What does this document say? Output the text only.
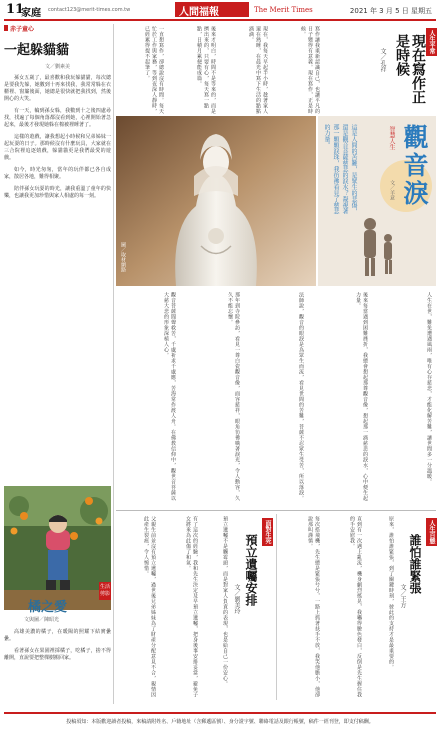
11
家庭 contact123@merit-times.com.tw	人間福報	The Merit Times	2021 年 3 月 5 日 星期五
赤子童心
一起躲貓貓
文／劉素美

孫女五歲了，最喜歡和我玩躲貓貓，每次總是要我先躲，她數到十再來找我，我常常躲在衣櫃裡、窗簾後面，她總是很快就把我找到，然後開心的大笑。

有一天，輪到孫女躲，我數到十之後四處尋找，找遍了每個角落都沒看到她，心裡開始著急起來，最後才發現她躲在棉被裡睡著了。

這樣的遊戲，讓我想起小時候和兄弟姊妹一起玩耍的日子。那時候沒有什麼玩具，大家就在三合院裡追逐嬉戲，躲貓貓更是我們最愛的遊戲。

如今，時光匆匆，當年的玩伴都已各自成家，散居各地，難得相聚。

陪伴孫女玩耍的時光，讓我重溫了童年的快樂，也讓我更加珍惜與家人相處的每一刻。

生活 剪影
橘之愛
文與圖／陳昭光

高雄美濃的橘子，在暖陽的照耀下結實纍纍。

看著孫女在果園裡採橘子，吃橘子，捨不得離開，直說要把整棵樹搬回家。

一直想寫作，卻總說沒有時間。每天忙於工作與家務，等到夜深人靜時，已經累得提不起筆了。	後來才明白，時間不是等來的，而是擠出來的，只要有心，每天寫一點點，日積月累便能成篇。	現在，我每天早起半小時，趁著家人還在熟睡，在晨光中寫下生活的點點滴滴。	寫作讓我重新認識自己，也讓平凡的日子變得有意義。現在寫作，正是時候。
文／孔祥	現在寫作正是時候	人生平常
圖／取材網路
這是人間的苦難，是眾生的悲傷，還是觀音菩薩慈悲的淚水？凝視著那一顆顆淚珠，我彷彿看見了慈悲的力量。	智慧人生
文／羊意 觀音淚
觀音菩薩聞聲救苦，千處祈求千處應，苦海常作渡人舟。在佛教信仰中，觀世音菩薩以大慈大悲的形象深植人心。	那年到寺院參訪，看見一尊白瓷觀音像，面容慈祥，眼角彷彿噙著淚光，令人動容，久久不能忘懷。	法師說，觀音的眼淚是為眾生而流，看見世間的苦難，菩薩不忍眾生受苦，所以落淚。	後來每當遇到困難挫折，我總會想起那尊觀音像，想起那一滴慈悲的淚水，心中便生起力量。	人生在世，難免遭遇風雨，唯有心存慈悲，才能化解苦難，讓世間多一分溫暖。
父親生前並沒有預立遺囑，過世後兄弟姊妹為了財產分配意見不合，親情因此產生裂痕，令人惋惜。	有了這次的經驗，我和先生決定及早預立遺囑，把身後事安排妥當，避免子女將來為此傷了和氣。	預立遺囑不是觸霉頭，而是對家人負責的表現，也是給自己一份安心。 文／劉美玲 預立遺囑安排
面對生死	每次搭飛機，先生總是緊張兮兮，一路上抓著扶手不放，我笑他膽小，他卻說那叫謹慎。	直到有一次遇上亂流，機身劇烈搖晃，我嚇得臉色發白，反倒是先生握住我的手安慰我。	原來，誰怕誰緊張，到了關鍵時刻，彼此的支持才是最重要的。 文／王方
誰怕誰緊張
人生百態
投稿須知：本版歡迎讀者投稿，來稿請附姓名、戶籍地址（含郵遞區號）、身分證字號、聯絡電話及銀行帳號，稿件一經刊登，即支付稿酬。
